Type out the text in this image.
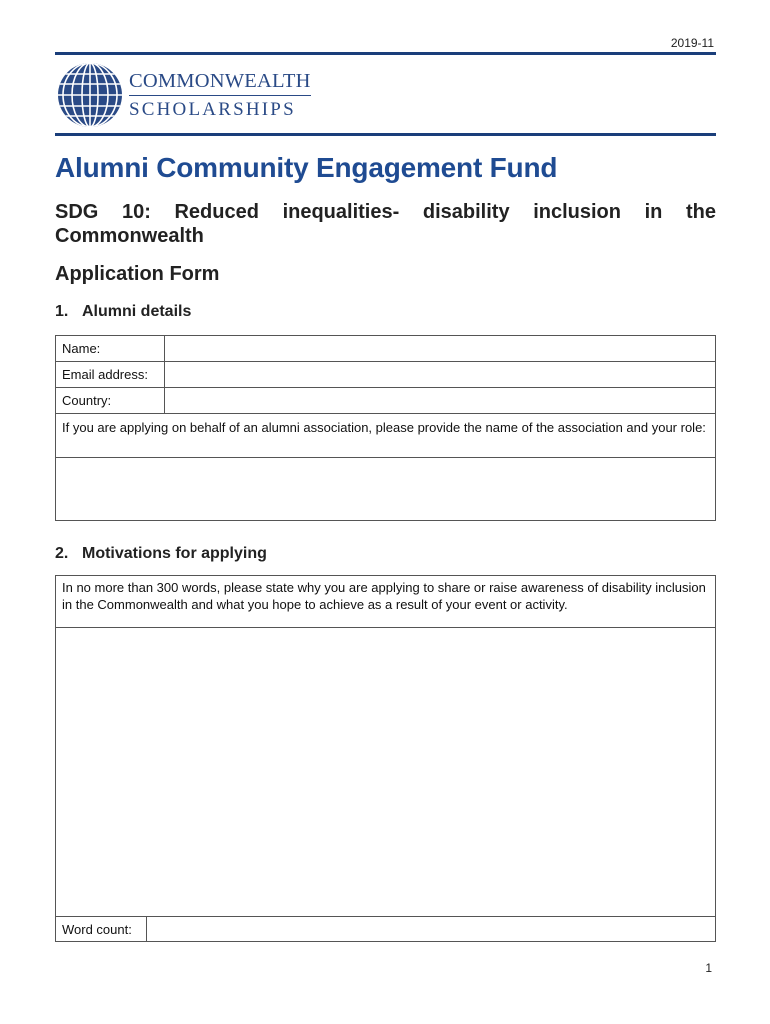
2019-11
COMMONWEALTH
SCHOLARSHIPS
Alumni Community Engagement Fund
SDG 10: Reduced inequalities- disability inclusion in the Commonwealth
Application Form
1. Alumni details
Name:	
Email address:	
Country:	
If you are applying on behalf of an alumni association, please provide the name of the association and your role:	

2. Motivations for applying
In no more than 300 words, please state why you are applying to share or raise awareness of disability inclusion in the Commonwealth and what you hope to achieve as a result of your event or activity.

Word count:	
1
